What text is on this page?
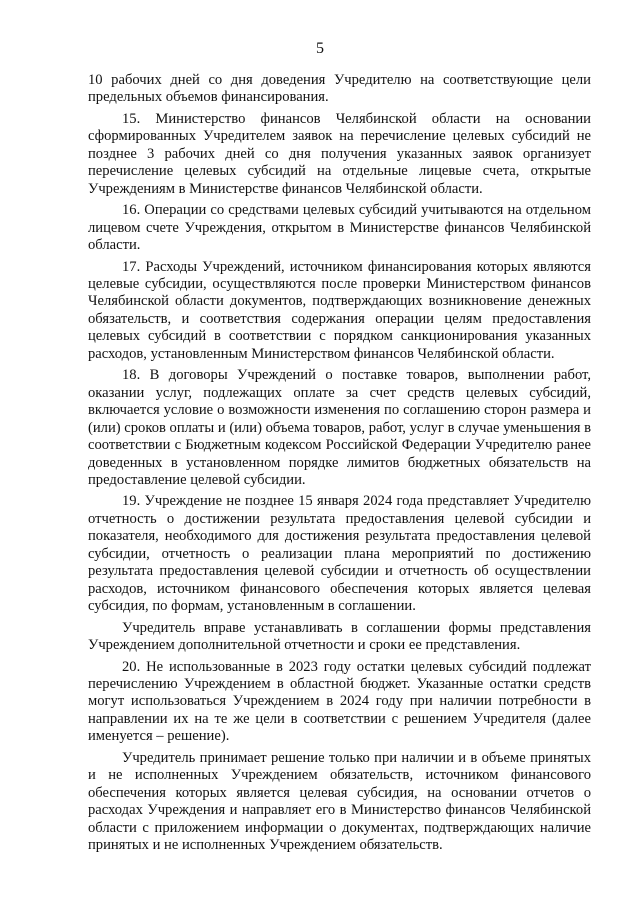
5

10 рабочих дней со дня доведения Учредителю на соответствующие цели предельных объемов финансирования.

15. Министерство финансов Челябинской области на основании сформированных Учредителем заявок на перечисление целевых субсидий не позднее 3 рабочих дней со дня получения указанных заявок организует перечисление целевых субсидий на отдельные лицевые счета, открытые Учреждениям в Министерстве финансов Челябинской области.

16. Операции со средствами целевых субсидий учитываются на отдельном лицевом счете Учреждения, открытом в Министерстве финансов Челябинской области.

17. Расходы Учреждений, источником финансирования которых являются целевые субсидии, осуществляются после проверки Министерством финансов Челябинской области документов, подтверждающих возникновение денежных обязательств, и соответствия содержания операции целям предоставления целевых субсидий в соответствии с порядком санкционирования указанных расходов, установленным Министерством финансов Челябинской области.

18. В договоры Учреждений о поставке товаров, выполнении работ, оказании услуг, подлежащих оплате за счет средств целевых субсидий, включается условие о возможности изменения по соглашению сторон размера и (или) сроков оплаты и (или) объема товаров, работ, услуг в случае уменьшения в соответствии с Бюджетным кодексом Российской Федерации Учредителю ранее доведенных в установленном порядке лимитов бюджетных обязательств на предоставление целевой субсидии.

19. Учреждение не позднее 15 января 2024 года представляет Учредителю отчетность о достижении результата предоставления целевой субсидии и показателя, необходимого для достижения результата предоставления целевой субсидии, отчетность о реализации плана мероприятий по достижению результата предоставления целевой субсидии и отчетность об осуществлении расходов, источником финансового обеспечения которых является целевая субсидия, по формам, установленным в соглашении.

Учредитель вправе устанавливать в соглашении формы представления Учреждением дополнительной отчетности и сроки ее представления.

20. Не использованные в 2023 году остатки целевых субсидий подлежат перечислению Учреждением в областной бюджет. Указанные остатки средств могут использоваться Учреждением в 2024 году при наличии потребности в направлении их на те же цели в соответствии с решением Учредителя (далее именуется – решение).

Учредитель принимает решение только при наличии и в объеме принятых и не исполненных Учреждением обязательств, источником финансового обеспечения которых является целевая субсидия, на основании отчетов о расходах Учреждения и направляет его в Министерство финансов Челябинской области с приложением информации о документах, подтверждающих наличие принятых и не исполненных Учреждением обязательств.
